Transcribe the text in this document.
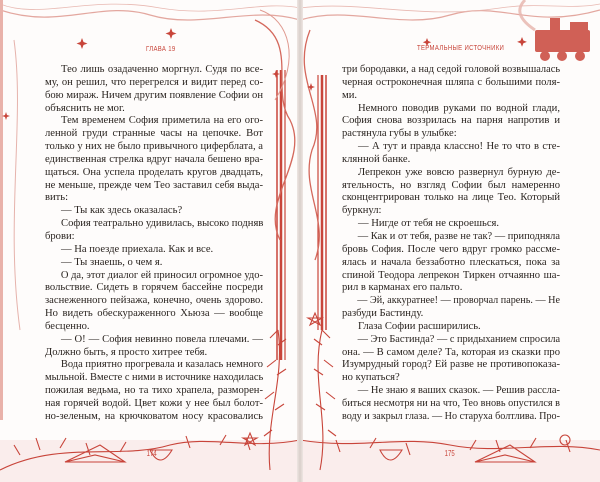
ГЛАВА 19
Тео лишь озадаченно моргнул. Судя по все-
му, он решил, что перегрелся и видит перед со-
бою мираж. Ничем другим появление Софии он
объяснить не мог.
Тем временем София приметила на его ого-
ленной груди странные часы на цепочке. Вот
только у них не было привычного циферблата, а
единственная стрелка вдруг начала бешено вра-
щаться. Она успела проделать кругов двадцать,
не меньше, прежде чем Тео заставил себя выда-
вить:
— Ты как здесь оказалась?
София театрально удивилась, высоко подняв
брови:
— На поезде приехала. Как и все.
— Ты знаешь, о чем я.
О да, этот диалог ей приносил огромное удо-
вольствие. Сидеть в горячем бассейне посреди
заснеженного пейзажа, конечно, очень здорово.
Но видеть обескураженного Хьюза — вообще
бесценно.
— О! — София невинно повела плечами. —
Должно быть, я просто хитрее тебя.
Вода приятно прогревала и казалась немного
мыльной. Вместе с ними в источнике находилась
пожилая ведьма, но та тихо храпела, разморен-
ная горячей водой. Цвет кожи у нее был болот-
но-зеленым, на крючковатом носу красовались
174
ТЕРМАЛЬНЫЕ ИСТОЧНИКИ
три бородавки, а над седой головой возвышалась
черная остроконечная шляпа с большими поля-
ми.
Немного поводив руками по водной глади,
София снова воззрилась на парня напротив и
растянула губы в улыбке:
— А тут и правда классно! Не то что в сте-
клянной банке.
Лепрекон уже вовсю развернул бурную де-
ятельность, но взгляд Софии был намеренно
сконцентрирован только на лице Тео. Который
буркнул:
— Нигде от тебя не скроешься.
— Как и от тебя, разве не так? — приподняла
бровь София. После чего вдруг громко рассме-
ялась и начала беззаботно плескаться, пока за
спиной Теодора лепрекон Тиркен отчаянно ша-
рил в карманах его пальто.
— Эй, аккуратнее! — проворчал парень. — Не
разбуди Бастинду.
Глаза Софии расширились.
— Это Бастинда? — с придыханием спросила
она. — В самом деле? Та, которая из сказки про
Изумрудный город? Ей разве не противопоказа-
но купаться?
— Не знаю я ваших сказок. — Решив рассла-
биться несмотря ни на что, Тео вновь опустился в
воду и закрыл глаза. — Но старуха болтлива. Про-
175
